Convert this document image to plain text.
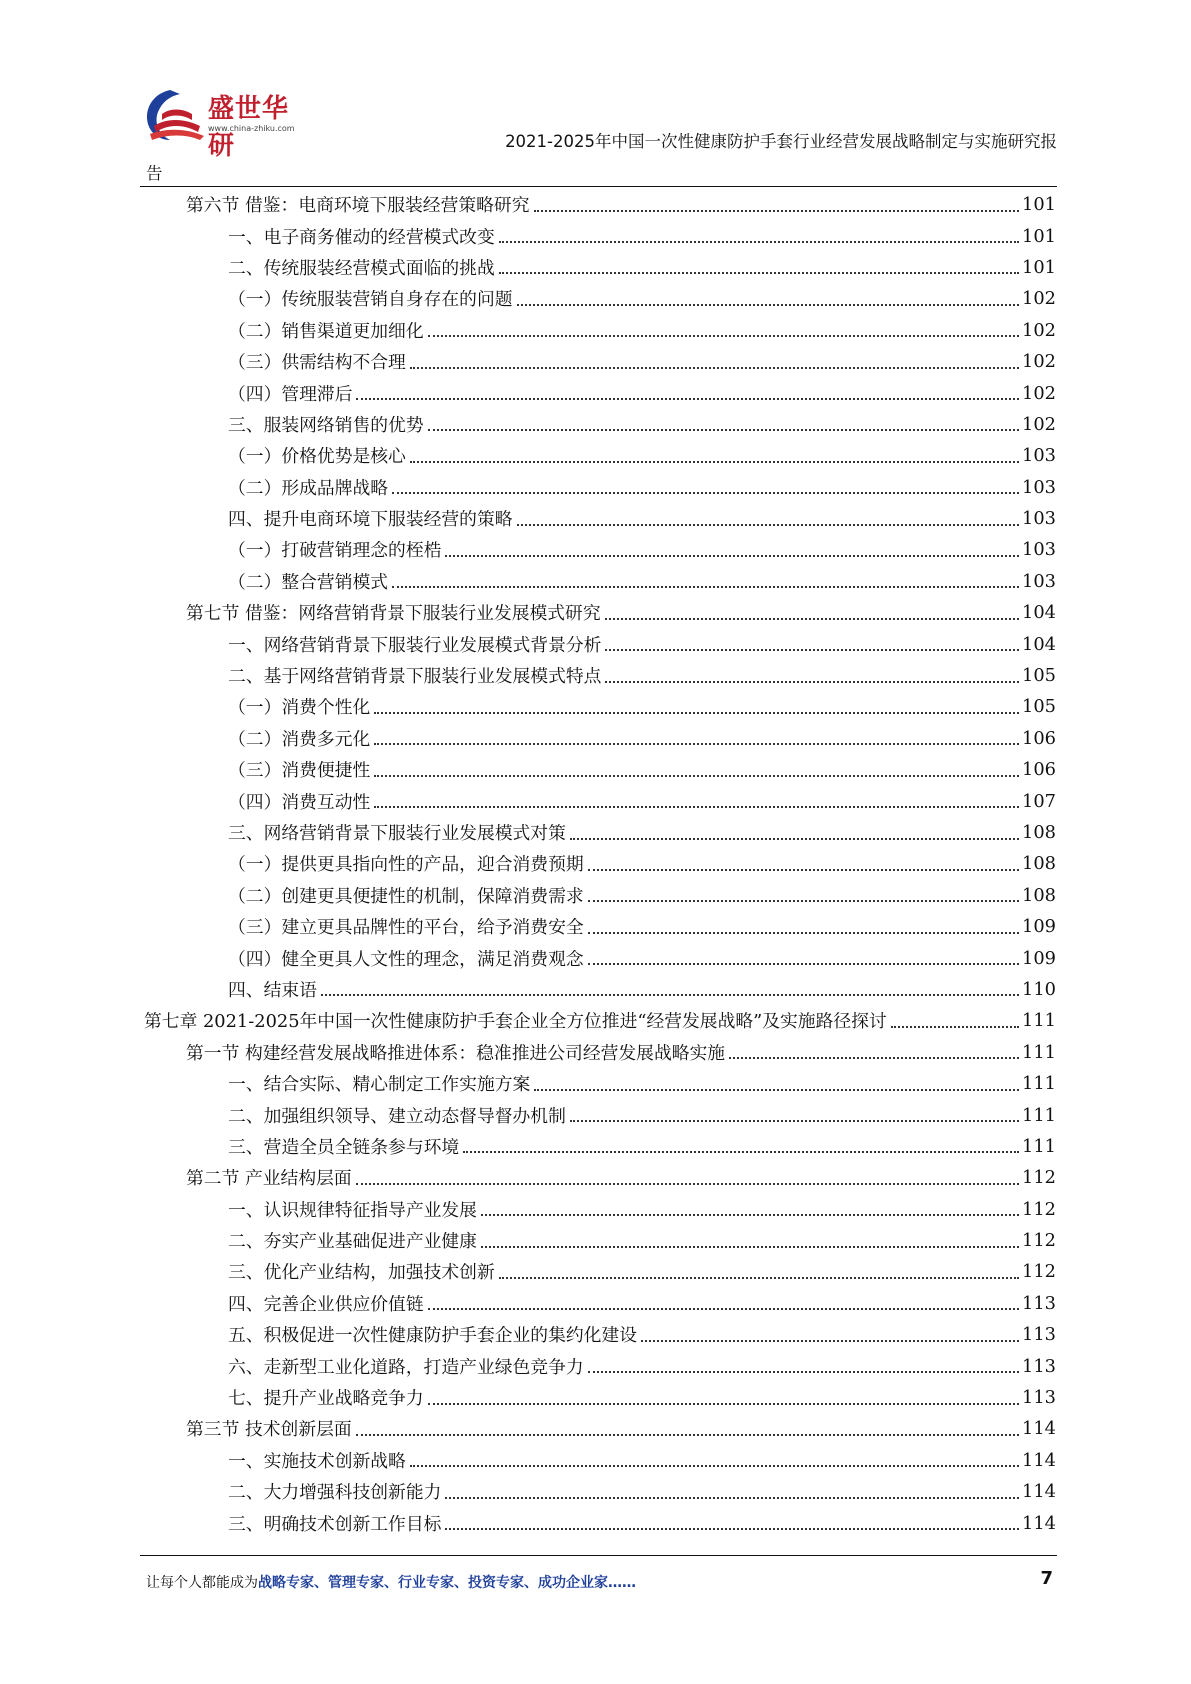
盛世华研
www.china-zhiku.com
2021-2025年中国一次性健康防护手套行业经营发展战略制定与实施研究报
告
第六节 借鉴：电商环境下服装经营策略研究	101
一、电子商务催动的经营模式改变	101
二、传统服装经营模式面临的挑战	101
（一）传统服装营销自身存在的问题	102
（二）销售渠道更加细化	102
（三）供需结构不合理	102
（四）管理滞后	102
三、服装网络销售的优势	102
（一）价格优势是核心	103
（二）形成品牌战略	103
四、提升电商环境下服装经营的策略	103
（一）打破营销理念的桎梏	103
（二）整合营销模式	103
第七节 借鉴：网络营销背景下服装行业发展模式研究	104
一、网络营销背景下服装行业发展模式背景分析	104
二、基于网络营销背景下服装行业发展模式特点	105
（一）消费个性化	105
（二）消费多元化	106
（三）消费便捷性	106
（四）消费互动性	107
三、网络营销背景下服装行业发展模式对策	108
（一）提供更具指向性的产品，迎合消费预期	108
（二）创建更具便捷性的机制，保障消费需求	108
（三）建立更具品牌性的平台，给予消费安全	109
（四）健全更具人文性的理念，满足消费观念	109
四、结束语	110
第七章 2021-2025年中国一次性健康防护手套企业全方位推进“经营发展战略”及实施路径探讨	111
第一节 构建经营发展战略推进体系：稳准推进公司经营发展战略实施	111
一、结合实际、精心制定工作实施方案	111
二、加强组织领导、建立动态督导督办机制	111
三、营造全员全链条参与环境	111
第二节 产业结构层面	112
一、认识规律特征指导产业发展	112
二、夯实产业基础促进产业健康	112
三、优化产业结构，加强技术创新	112
四、完善企业供应价值链	113
五、积极促进一次性健康防护手套企业的集约化建设	113
六、走新型工业化道路，打造产业绿色竞争力	113
七、提升产业战略竞争力	113
第三节 技术创新层面	114
一、实施技术创新战略	114
二、大力增强科技创新能力	114
三、明确技术创新工作目标	114
让每个人都能成为战略专家、管理专家、行业专家、投资专家、成功企业家……	7
